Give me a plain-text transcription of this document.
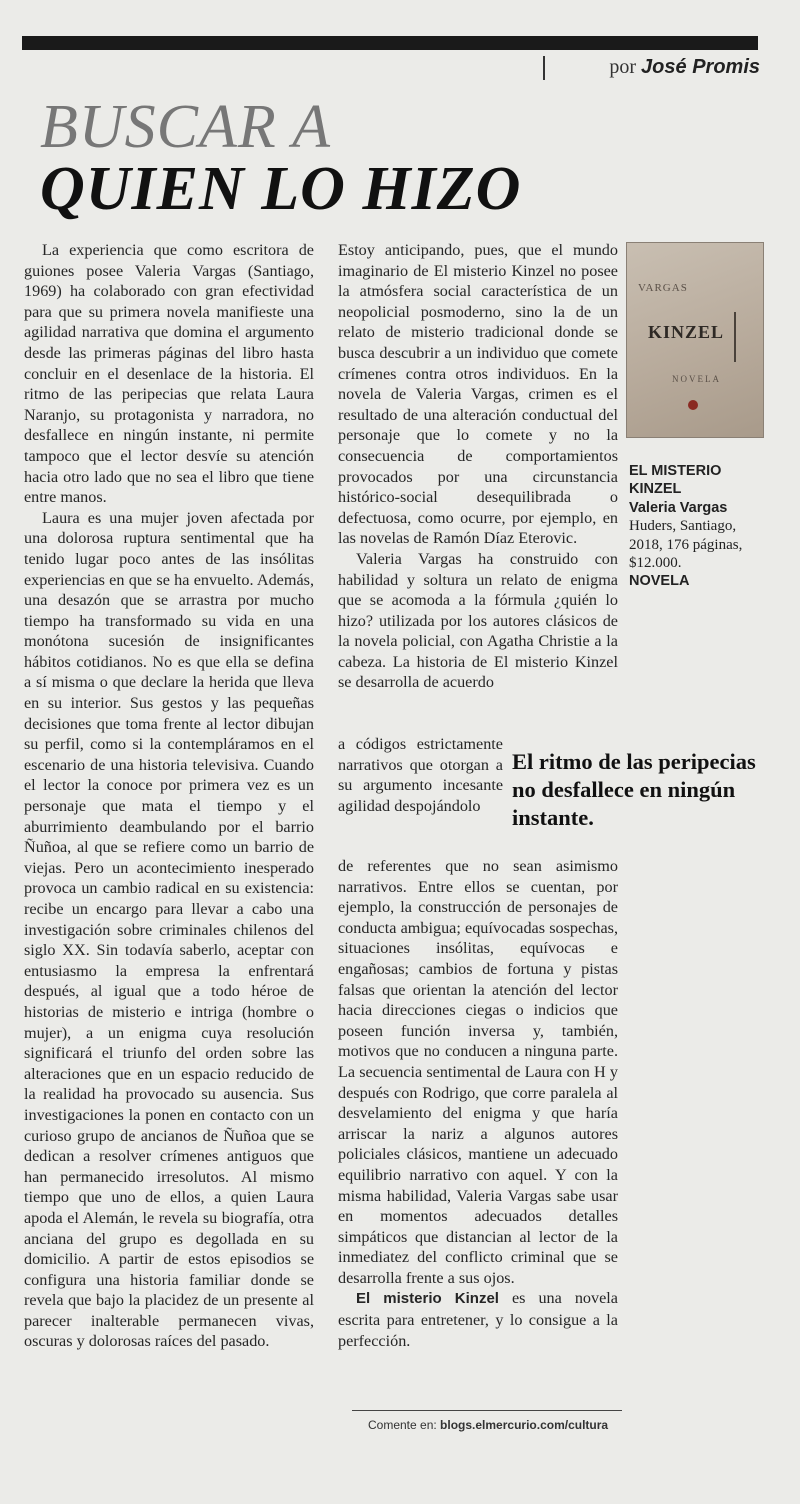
por José Promis
BUSCAR A
QUIEN LO HIZO

La experiencia que como escritora de guiones posee Valeria Vargas (Santiago, 1969) ha colaborado con gran efectividad para que su primera novela manifieste una agilidad narrativa que domina el argumento desde las primeras páginas del libro hasta concluir en el desenlace de la historia. El ritmo de las peripecias que relata Laura Naranjo, su protagonista y narradora, no desfallece en ningún instante, ni permite tampoco que el lector desvíe su atención hacia otro lado que no sea el libro que tiene entre manos.

Laura es una mujer joven afectada por una dolorosa ruptura sentimental que ha tenido lugar poco antes de las insólitas experiencias en que se ha envuelto. Además, una desazón que se arrastra por mucho tiempo ha transformado su vida en una monótona sucesión de insignificantes hábitos cotidianos. No es que ella se defina a sí misma o que declare la herida que lleva en su interior. Sus gestos y las pequeñas decisiones que toma frente al lector dibujan su perfil, como si la contempláramos en el escenario de una historia televisiva. Cuando el lector la conoce por primera vez es un personaje que mata el tiempo y el aburrimiento deambulando por el barrio Ñuñoa, al que se refiere como un barrio de viejas. Pero un acontecimiento inesperado provoca un cambio radical en su existencia: recibe un encargo para llevar a cabo una investigación sobre criminales chilenos del siglo XX. Sin todavía saberlo, aceptar con entusiasmo la empresa la enfrentará después, al igual que a todo héroe de historias de misterio e intriga (hombre o mujer), a un enigma cuya resolución significará el triunfo del orden sobre las alteraciones que en un espacio reducido de la realidad ha provocado su ausencia. Sus investigaciones la ponen en contacto con un curioso grupo de ancianos de Ñuñoa que se dedican a resolver crímenes antiguos que han permanecido irresolutos. Al mismo tiempo que uno de ellos, a quien Laura apoda el Alemán, le revela su biografía, otra anciana del grupo es degollada en su domicilio. A partir de estos episodios se configura una historia familiar donde se revela que bajo la placidez de un presente al parecer inalterable permanecen vivas, oscuras y dolorosas raíces del pasado.

Estoy anticipando, pues, que el mundo imaginario de El misterio Kinzel no posee la atmósfera social característica de un neopolicial posmoderno, sino la de un relato de misterio tradicional donde se busca descubrir a un individuo que comete crímenes contra otros individuos. En la novela de Valeria Vargas, crimen es el resultado de una alteración conductual del personaje que lo comete y no la consecuencia de comportamientos provocados por una circunstancia histórico-social desequilibrada o defectuosa, como ocurre, por ejemplo, en las novelas de Ramón Díaz Eterovic.

Valeria Vargas ha construido con habilidad y soltura un relato de enigma que se acomoda a la fórmula ¿quién lo hizo? utilizada por los autores clásicos de la novela policial, con Agatha Christie a la cabeza. La historia de El misterio Kinzel se desarrolla de acuerdo

a códigos estrictamente narrativos que otorgan a su argumento incesante agilidad despojándolo

de referentes que no sean asimismo narrativos. Entre ellos se cuentan, por ejemplo, la construcción de personajes de conducta ambigua; equívocadas sospechas, situaciones insólitas, equívocas e engañosas; cambios de fortuna y pistas falsas que orientan la atención del lector hacia direcciones ciegas o indicios que poseen función inversa y, también, motivos que no conducen a ninguna parte. La secuencia sentimental de Laura con H y después con Rodrigo, que corre paralela al desvelamiento del enigma y que haría arriscar la nariz a algunos autores policiales clásicos, mantiene un adecuado equilibrio narrativo con aquel. Y con la misma habilidad, Valeria Vargas sabe usar en momentos adecuados detalles simpáticos que distancian al lector de la inmediatez del conflicto criminal que se desarrolla frente a sus ojos.

El misterio Kinzel es una novela escrita para entretener, y lo consigue a la perfección.

VARGAS
KINZEL
NOVELA
EL MISTERIO KINZEL
Valeria Vargas
Huders, Santiago, 2018, 176 páginas, $12.000.
NOVELA
El ritmo de las peripecias no desfallece en ningún instante.
Comente en: blogs.elmercurio.com/cultura
